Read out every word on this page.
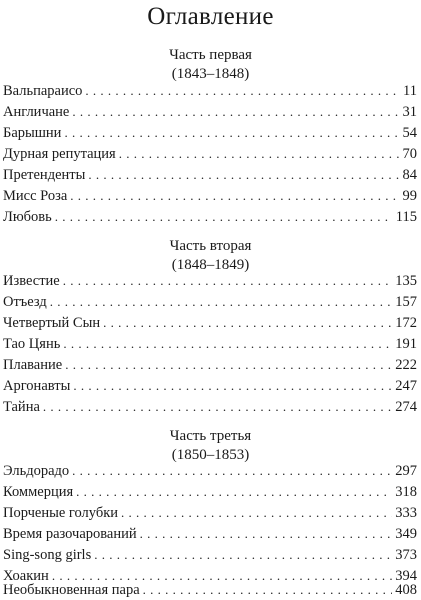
Оглавление
Часть первая
(1843–1848)
Вальпараисо . . .	11
Англичане . . .	31
Барышни . . .	54
Дурная репутация . . .	70
Претенденты . . .	84
Мисс Роза . . .	99
Любовь . . .	115
Часть вторая
(1848–1849)
Известие . . .	135
Отъезд . . .	157
Четвертый Сын . . .	172
Тао Цянь . . .	191
Плавание . . .	222
Аргонавты . . .	247
Тайна . . .	274
Часть третья
(1850–1853)
Эльдорадо . . .	297
Коммерция . . .	318
Порченые голубки . . .	333
Время разочарований . . .	349
Sing-song girls . . .	373
Хоакин . . .	394
Необыкновенная пара . . .	408
